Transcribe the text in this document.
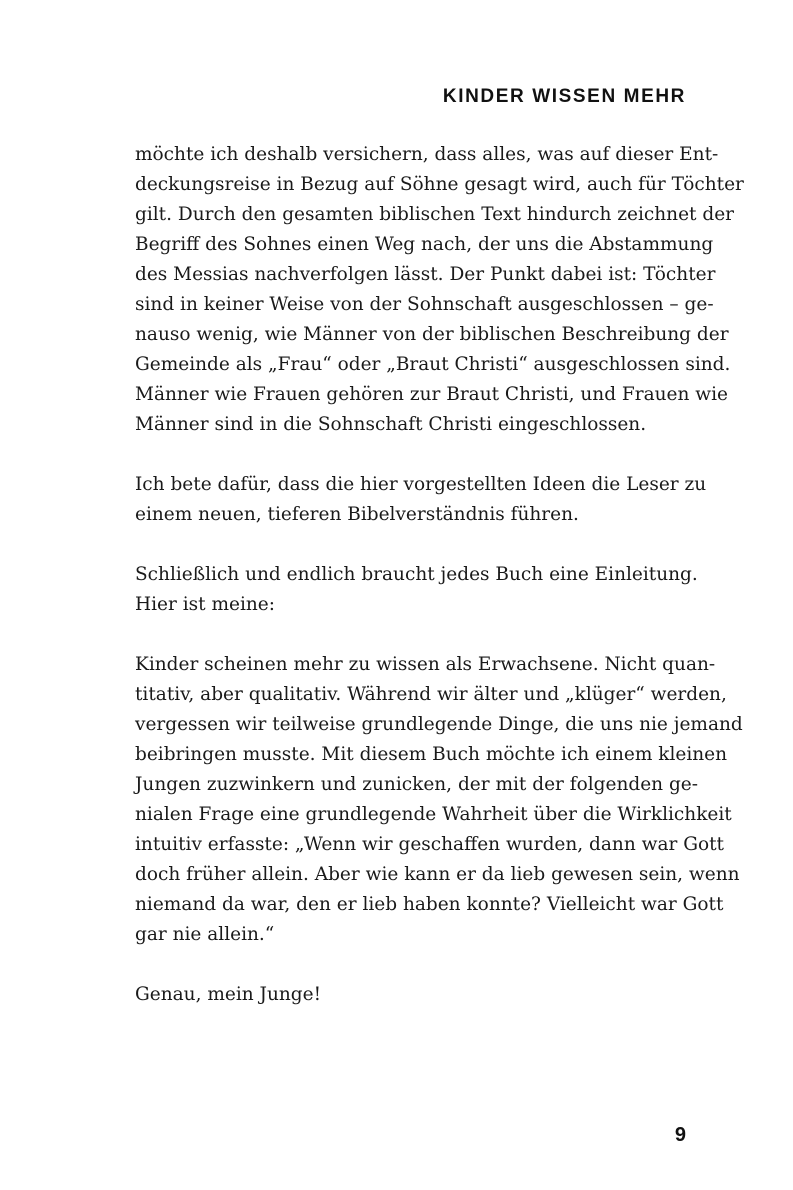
KINDER WISSEN MEHR

möchte ich deshalb versichern, dass alles, was auf dieser Ent-
deckungsreise in Bezug auf Söhne gesagt wird, auch für Töchter
gilt. Durch den gesamten biblischen Text hindurch zeichnet der
Begriff des Sohnes einen Weg nach, der uns die Abstammung
des Messias nachverfolgen lässt. Der Punkt dabei ist: Töchter
sind in keiner Weise von der Sohnschaft ausgeschlossen – ge-
nauso wenig, wie Männer von der biblischen Beschreibung der
Gemeinde als „Frau“ oder „Braut Christi“ ausgeschlossen sind.
Männer wie Frauen gehören zur Braut Christi, und Frauen wie
Männer sind in die Sohnschaft Christi eingeschlossen.

Ich bete dafür, dass die hier vorgestellten Ideen die Leser zu
einem neuen, tieferen Bibelverständnis führen.

Schließlich und endlich braucht jedes Buch eine Einleitung.
Hier ist meine:

Kinder scheinen mehr zu wissen als Erwachsene. Nicht quan-
titativ, aber qualitativ. Während wir älter und „klüger“ werden,
vergessen wir teilweise grundlegende Dinge, die uns nie jemand
beibringen musste. Mit diesem Buch möchte ich einem kleinen
Jungen zuzwinkern und zunicken, der mit der folgenden ge-
nialen Frage eine grundlegende Wahrheit über die Wirklichkeit
intuitiv erfasste: „Wenn wir geschaffen wurden, dann war Gott
doch früher allein. Aber wie kann er da lieb gewesen sein, wenn
niemand da war, den er lieb haben konnte? Vielleicht war Gott
gar nie allein.“

Genau, mein Junge!

9
